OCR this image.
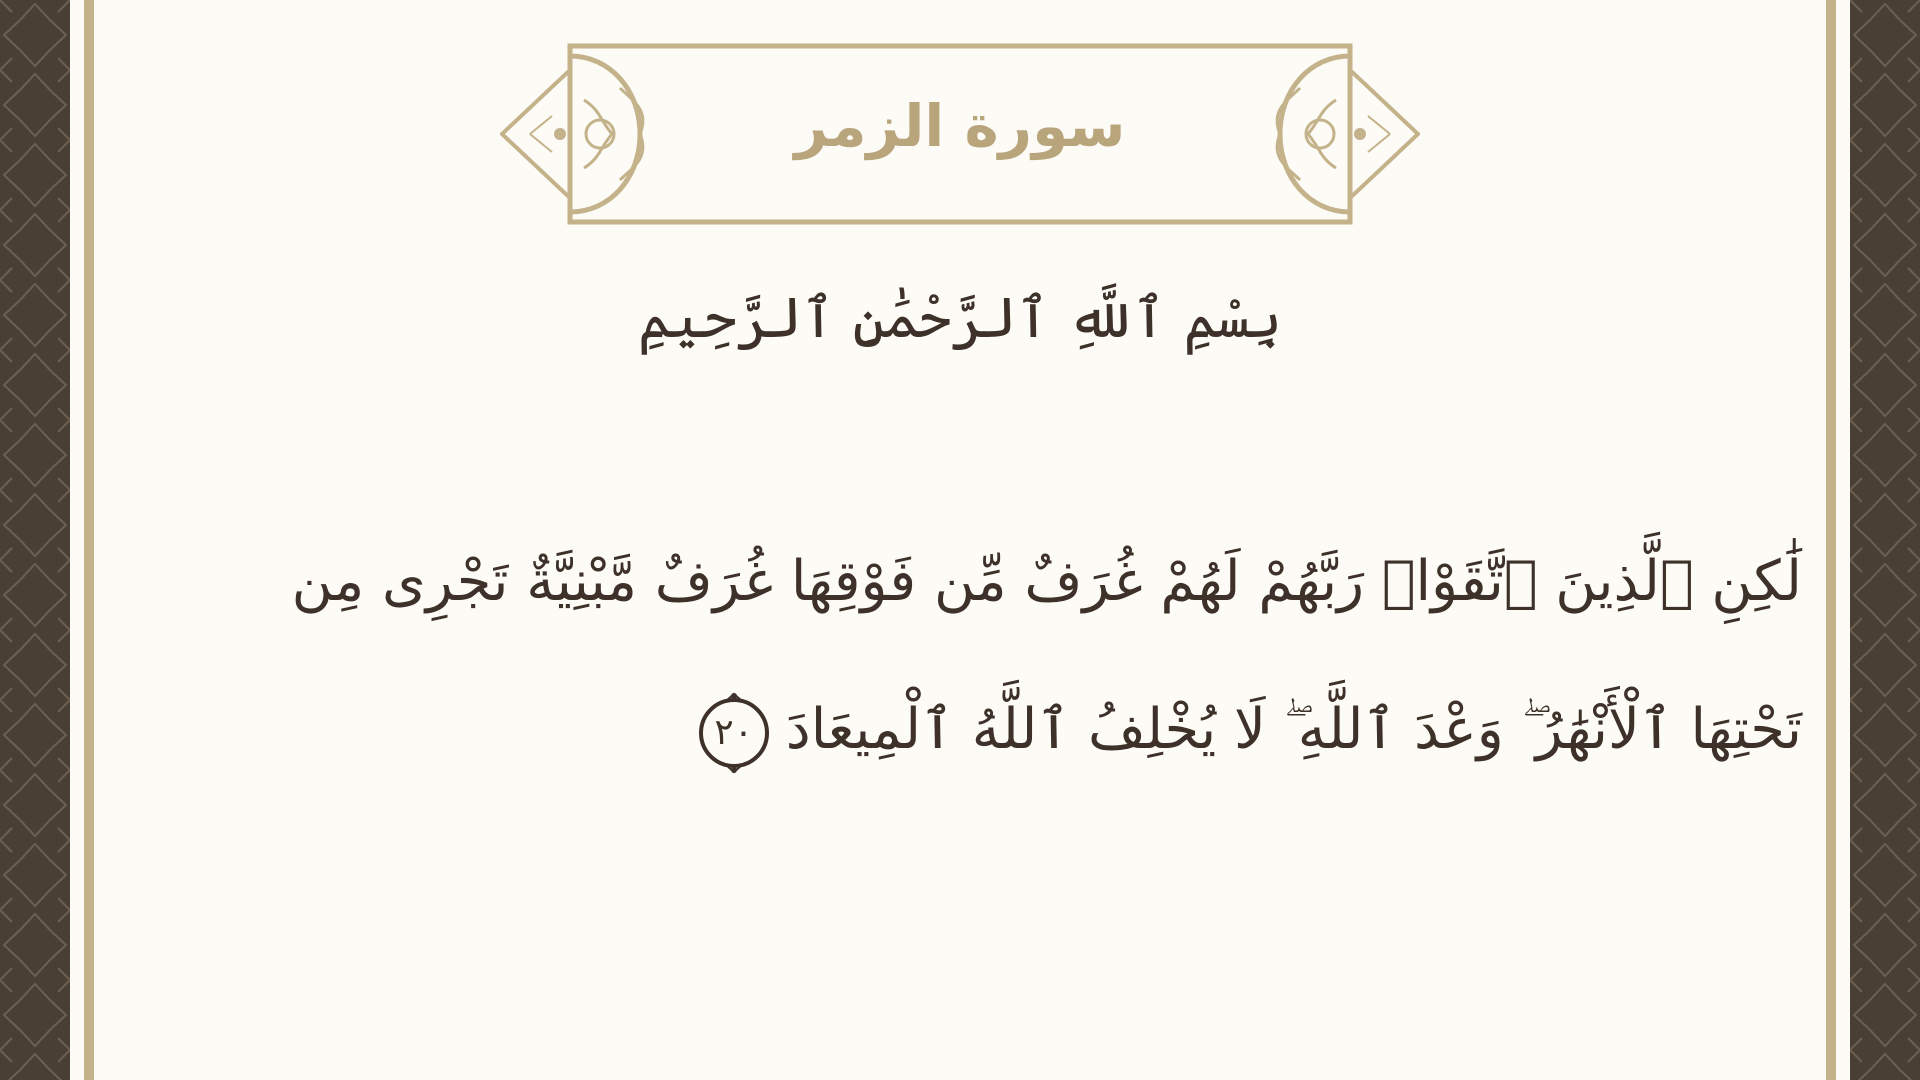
سورة الزمر
بِسْمِ ٱللَّهِ ٱلرَّحْمَٰنِ ٱلرَّحِيمِ
لَٰكِنِ ٱلَّذِينَ ٱتَّقَوْا۟ رَبَّهُمْ لَهُمْ غُرَفٌ مِّن فَوْقِهَا غُرَفٌ مَّبْنِيَّةٌ تَجْرِى مِن
تَحْتِهَا ٱلْأَنْهَٰرُ ۖ وَعْدَ ٱللَّهِ ۖ لَا يُخْلِفُ ٱللَّهُ ٱلْمِيعَادَ
٢٠
